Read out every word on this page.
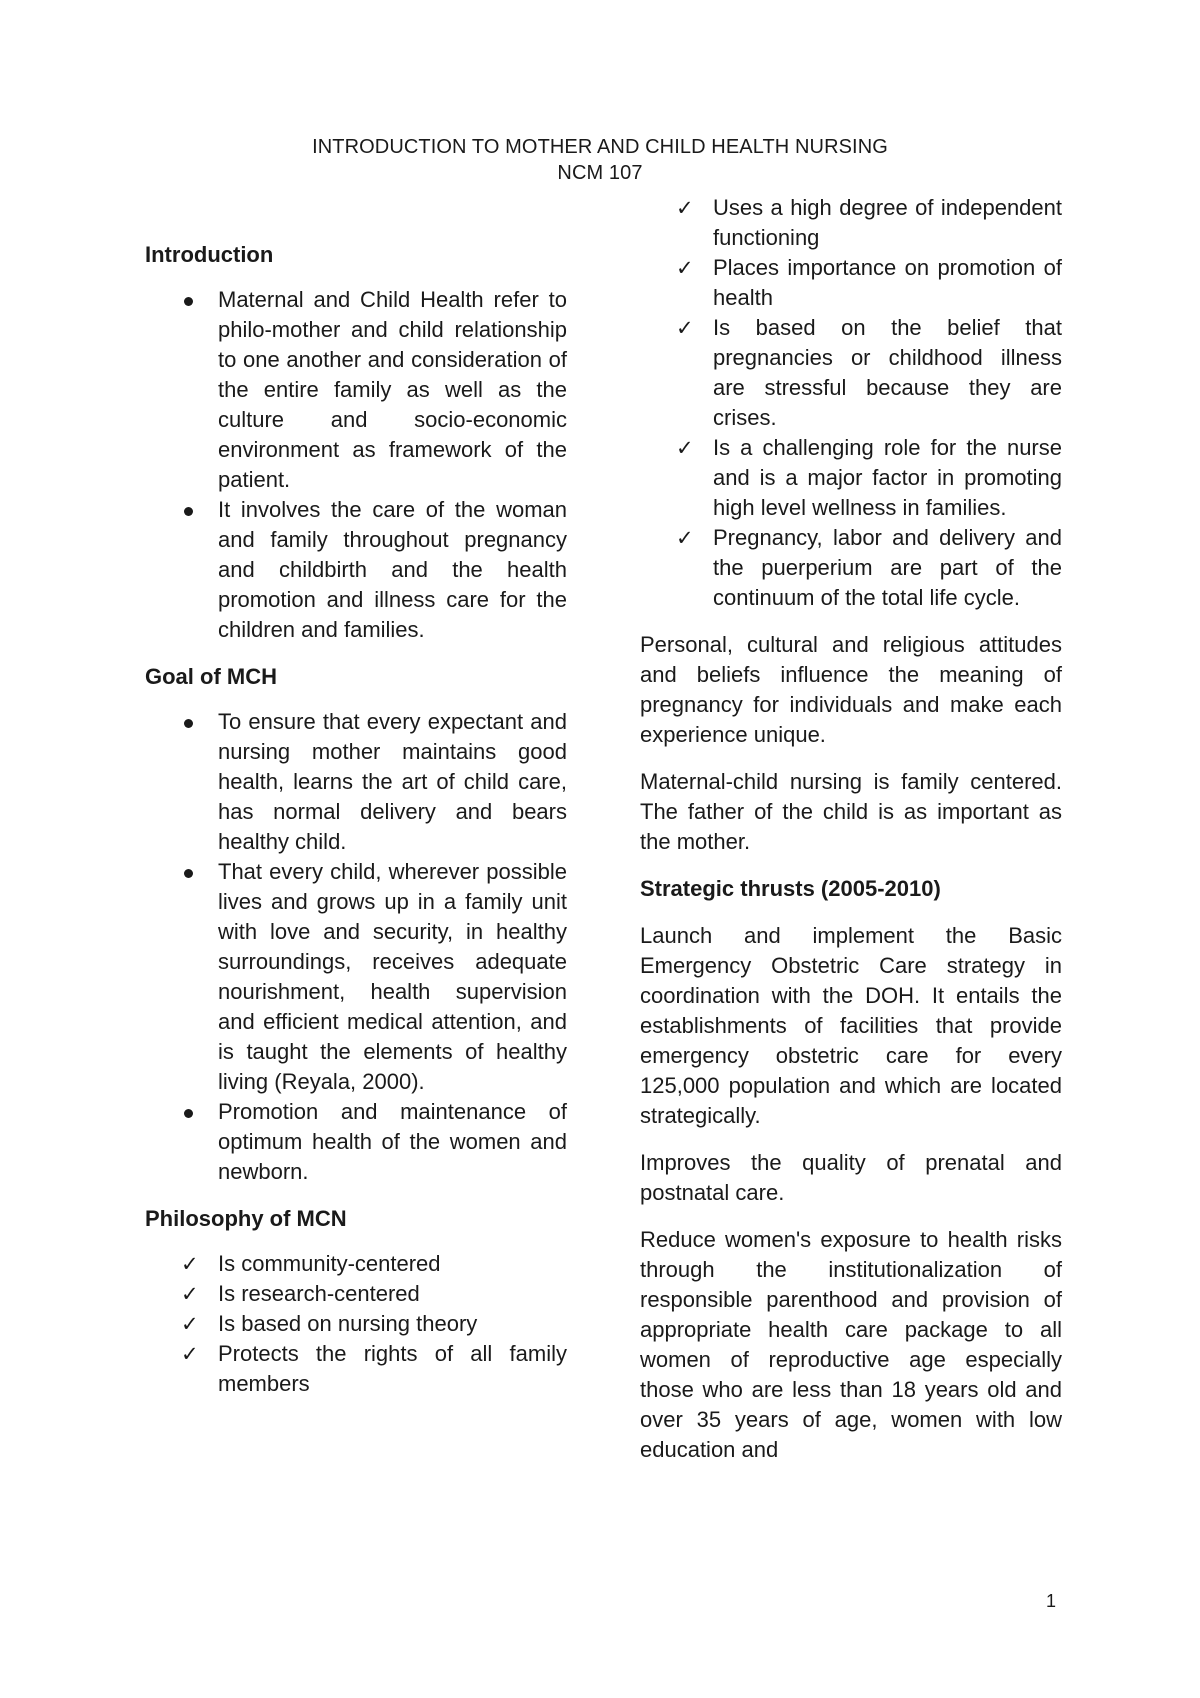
INTRODUCTION TO MOTHER AND CHILD HEALTH NURSING
NCM 107
Introduction
Maternal and Child Health refer to philo-mother and child relationship to one another and consideration of the entire family as well as the culture and socio-economic environment as framework of the patient.
It involves the care of the woman and family throughout pregnancy and childbirth and the health promotion and illness care for the children and families.
Goal of MCH
To ensure that every expectant and nursing mother maintains good health, learns the art of child care, has normal delivery and bears healthy child.
That every child, wherever possible lives and grows up in a family unit with love and security, in healthy surroundings, receives adequate nourishment, health supervision and efficient medical attention, and is taught the elements of healthy living (Reyala, 2000).
Promotion and maintenance of optimum health of the women and newborn.
Philosophy of MCN
✓ Is community-centered
✓ Is research-centered
✓ Is based on nursing theory
✓ Protects the rights of all family members
✓ Uses a high degree of independent functioning
✓ Places importance on promotion of health
✓ Is based on the belief that pregnancies or childhood illness are stressful because they are crises.
✓ Is a challenging role for the nurse and is a major factor in promoting high level wellness in families.
✓ Pregnancy, labor and delivery and the puerperium are part of the continuum of the total life cycle.

Personal, cultural and religious attitudes and beliefs influence the meaning of pregnancy for individuals and make each experience unique.

Maternal-child nursing is family centered. The father of the child is as important as the mother.

Strategic thrusts (2005-2010)

Launch and implement the Basic Emergency Obstetric Care strategy in coordination with the DOH. It entails the establishments of facilities that provide emergency obstetric care for every 125,000 population and which are located strategically.

Improves the quality of prenatal and postnatal care.

Reduce women's exposure to health risks through the institutionalization of responsible parenthood and provision of appropriate health care package to all women of reproductive age especially those who are less than 18 years old and over 35 years of age, women with low education and

1
